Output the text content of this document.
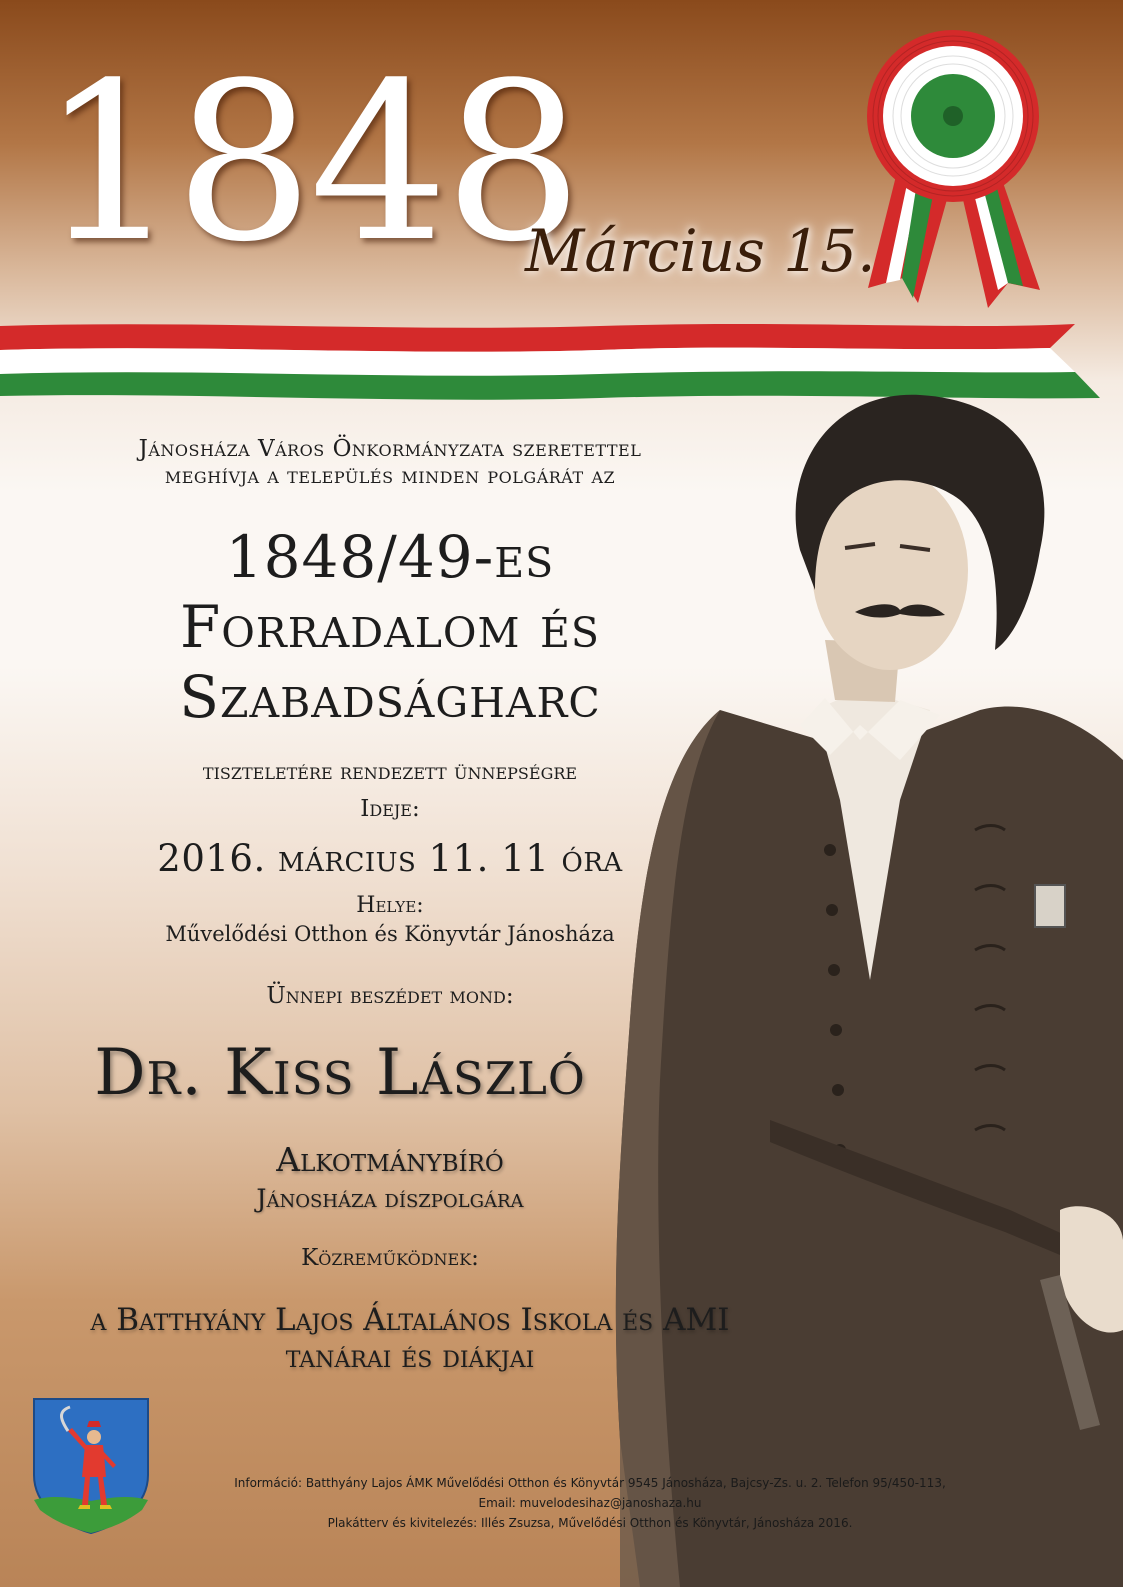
1848
Március 15.
Jánosháza Város Önkormányzata szeretettel
meghívja a település minden polgárát az
1848/49-es
Forradalom és
Szabadságharc
tiszteletére rendezett ünnepségre
Ideje:
2016. március 11. 11 óra
Helye:
Művelődési Otthon és Könyvtár Jánosháza
Ünnepi beszédet mond:
Dr. Kiss László
Alkotmánybíró
Jánosháza díszpolgára
Közreműködnek:
a Batthyány Lajos Általános Iskola és AMI
tanárai és diákjai
Információ: Batthyány Lajos ÁMK Művelődési Otthon és Könyvtár 9545 Jánosháza, Bajcsy-Zs. u. 2. Telefon 95/450-113,
Email: muvelodesihaz@janoshaza.hu
Plakátterv és kivitelezés: Illés Zsuzsa, Művelődési Otthon és Könyvtár, Jánosháza 2016.
